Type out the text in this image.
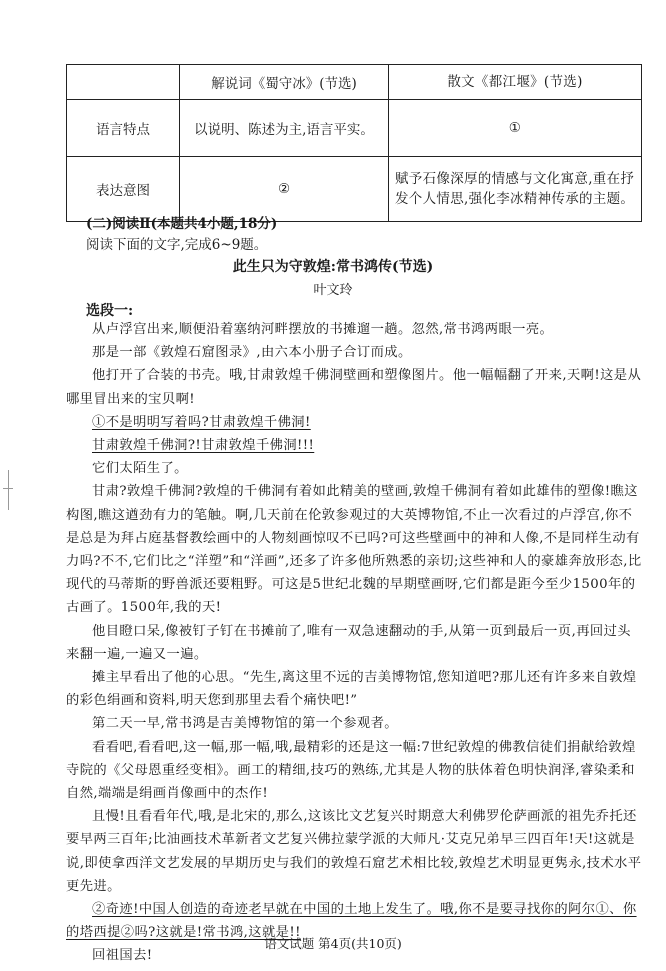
	解说词《蜀守冰》(节选)	散文《都江堰》(节选)
语言特点	以说明、陈述为主,语言平实。	①
表达意图	②	赋予石像深厚的情感与文化寓意,重在抒发个人情思,强化李冰精神传承的主题。
(二)阅读Ⅱ(本题共4小题,18分)
阅读下面的文字,完成6~9题。
此生只为守敦煌:常书鸿传(节选)
叶文玲
选段一:

从卢浮宫出来,顺便沿着塞纳河畔摆放的书摊遛一趟。忽然,常书鸿两眼一亮。

那是一部《敦煌石窟图录》,由六本小册子合订而成。

他打开了合装的书壳。哦,甘肃敦煌千佛洞壁画和塑像图片。他一幅幅翻了开来,天啊!这是从哪里冒出来的宝贝啊!

①不是明明写着吗?甘肃敦煌千佛洞!

甘肃敦煌千佛洞?!甘肃敦煌千佛洞!!!

它们太陌生了。

甘肃?敦煌千佛洞?敦煌的千佛洞有着如此精美的壁画,敦煌千佛洞有着如此雄伟的塑像!瞧这构图,瞧这遒劲有力的笔触。啊,几天前在伦敦参观过的大英博物馆,不止一次看过的卢浮宫,你不是总是为拜占庭基督教绘画中的人物刻画惊叹不已吗?可这些壁画中的神和人像,不是同样生动有力吗?不不,它们比之“洋塑”和“洋画”,还多了许多他所熟悉的亲切;这些神和人的豪雄奔放形态,比现代的马蒂斯的野兽派还要粗野。可这是5世纪北魏的早期壁画呀,它们都是距今至少1500年的古画了。1500年,我的天!

他目瞪口呆,像被钉子钉在书摊前了,唯有一双急速翻动的手,从第一页到最后一页,再回过头来翻一遍,一遍又一遍。

摊主早看出了他的心思。“先生,离这里不远的吉美博物馆,您知道吧?那儿还有许多来自敦煌的彩色绢画和资料,明天您到那里去看个痛快吧!”

第二天一早,常书鸿是吉美博物馆的第一个参观者。

看看吧,看看吧,这一幅,那一幅,哦,最精彩的还是这一幅:7世纪敦煌的佛教信徒们捐献给敦煌寺院的《父母恩重经变相》。画工的精细,技巧的熟练,尤其是人物的肤体着色明快润泽,睿染柔和自然,端端是绢画肖像画中的杰作!

且慢!且看看年代,哦,是北宋的,那么,这该比文艺复兴时期意大利佛罗伦萨画派的祖先乔托还要早两三百年;比油画技术革新者文艺复兴佛拉蒙学派的大师凡·艾克兄弟早三四百年!天!这就是说,即使拿西洋文艺发展的早期历史与我们的敦煌石窟艺术相比较,敦煌艺术明显更隽永,技术水平更先进。

②奇迹!中国人创造的奇迹老早就在中国的土地上发生了。哦,你不是要寻找你的阿尔①、你的塔西提②吗?这就是!常书鸿,这就是!!

回祖国去!

语文试题 第4页(共10页)
